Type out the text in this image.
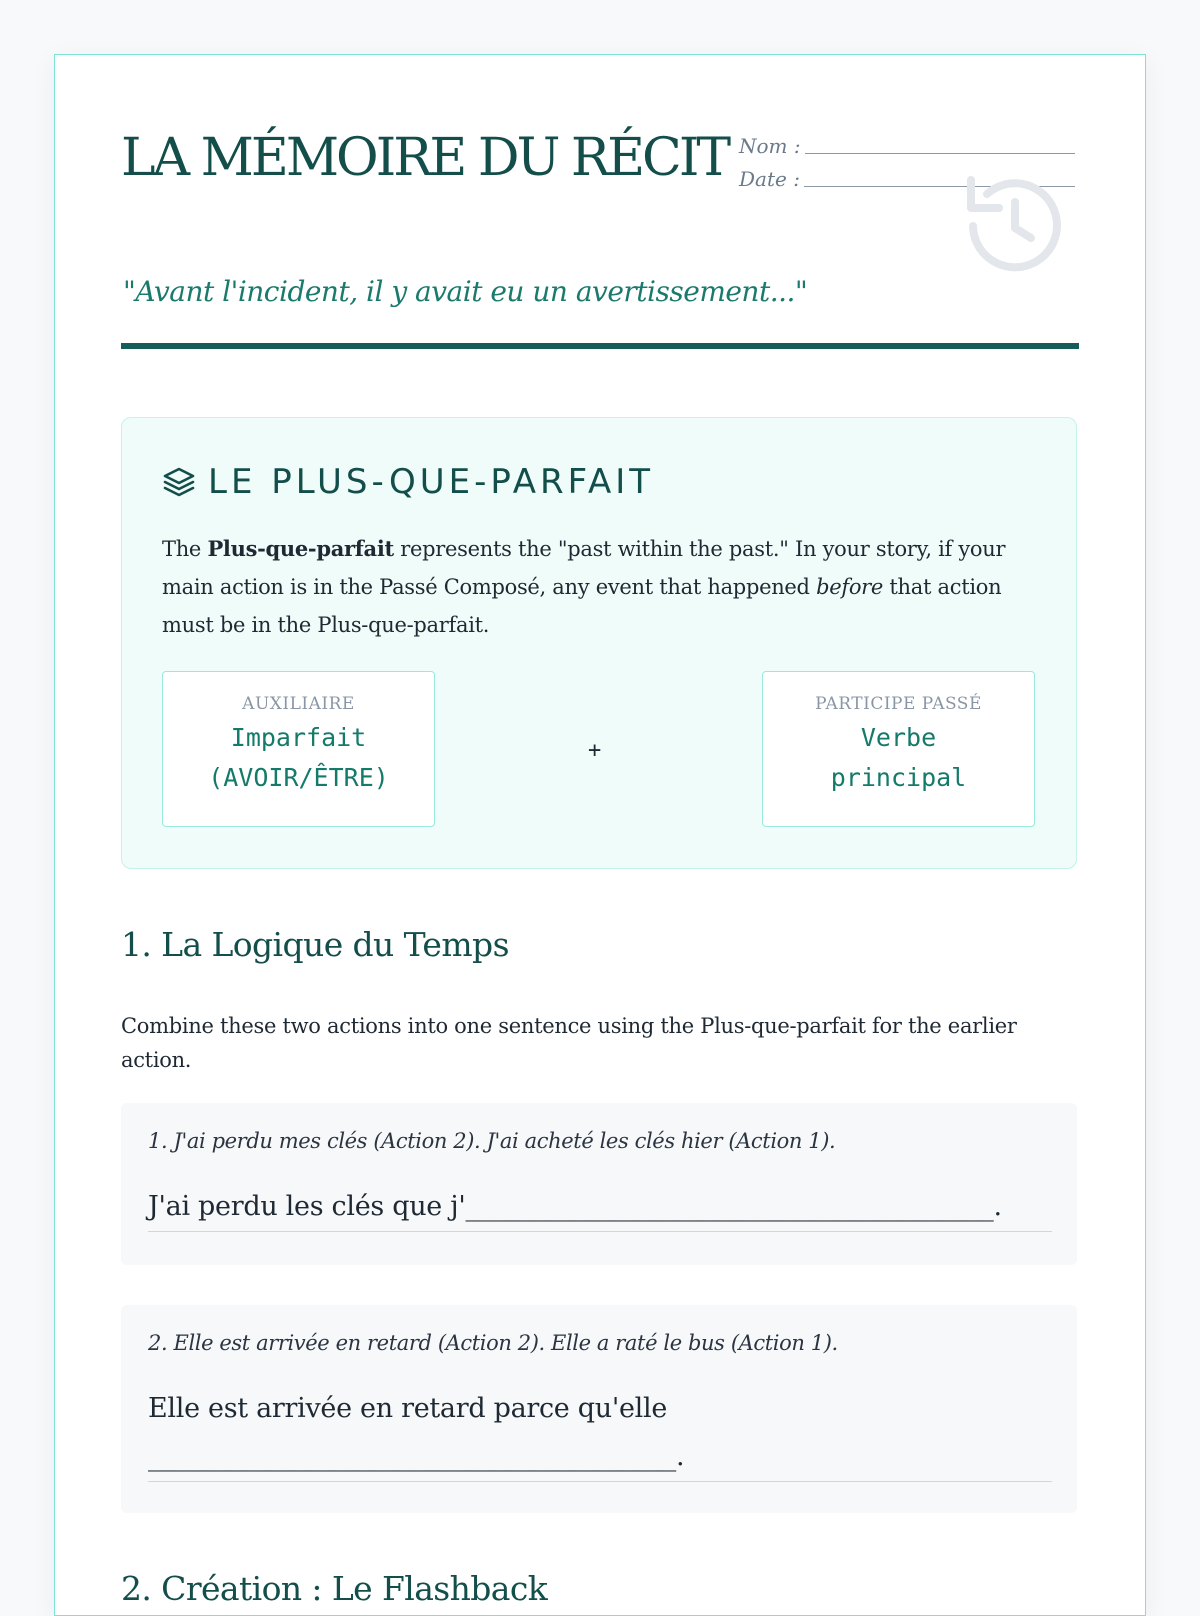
LA MÉMOIRE DU RÉCIT Nom :
Date :
"Avant l'incident, il y avait eu un avertissement..."
LE PLUS-QUE-PARFAIT
The Plus-que-parfait represents the "past within the past." In your story, if your main action is in the Passé Composé, any event that happened before that action must be in the Plus-que-parfait.
AUXILIAIRE
Imparfait
(AVOIR/ÊTRE)
+
PARTICIPE PASSÉ
Verbe
principal
1. La Logique du Temps
Combine these two actions into one sentence using the Plus-que-parfait for the earlier action.
1. J'ai perdu mes clés (Action 2). J'ai acheté les clés hier (Action 1).
J'ai perdu les clés que j'________________________________________.
2. Elle est arrivée en retard (Action 2). Elle a raté le bus (Action 1).
Elle est arrivée en retard parce qu'elle
________________________________________.
2. Création : Le Flashback
